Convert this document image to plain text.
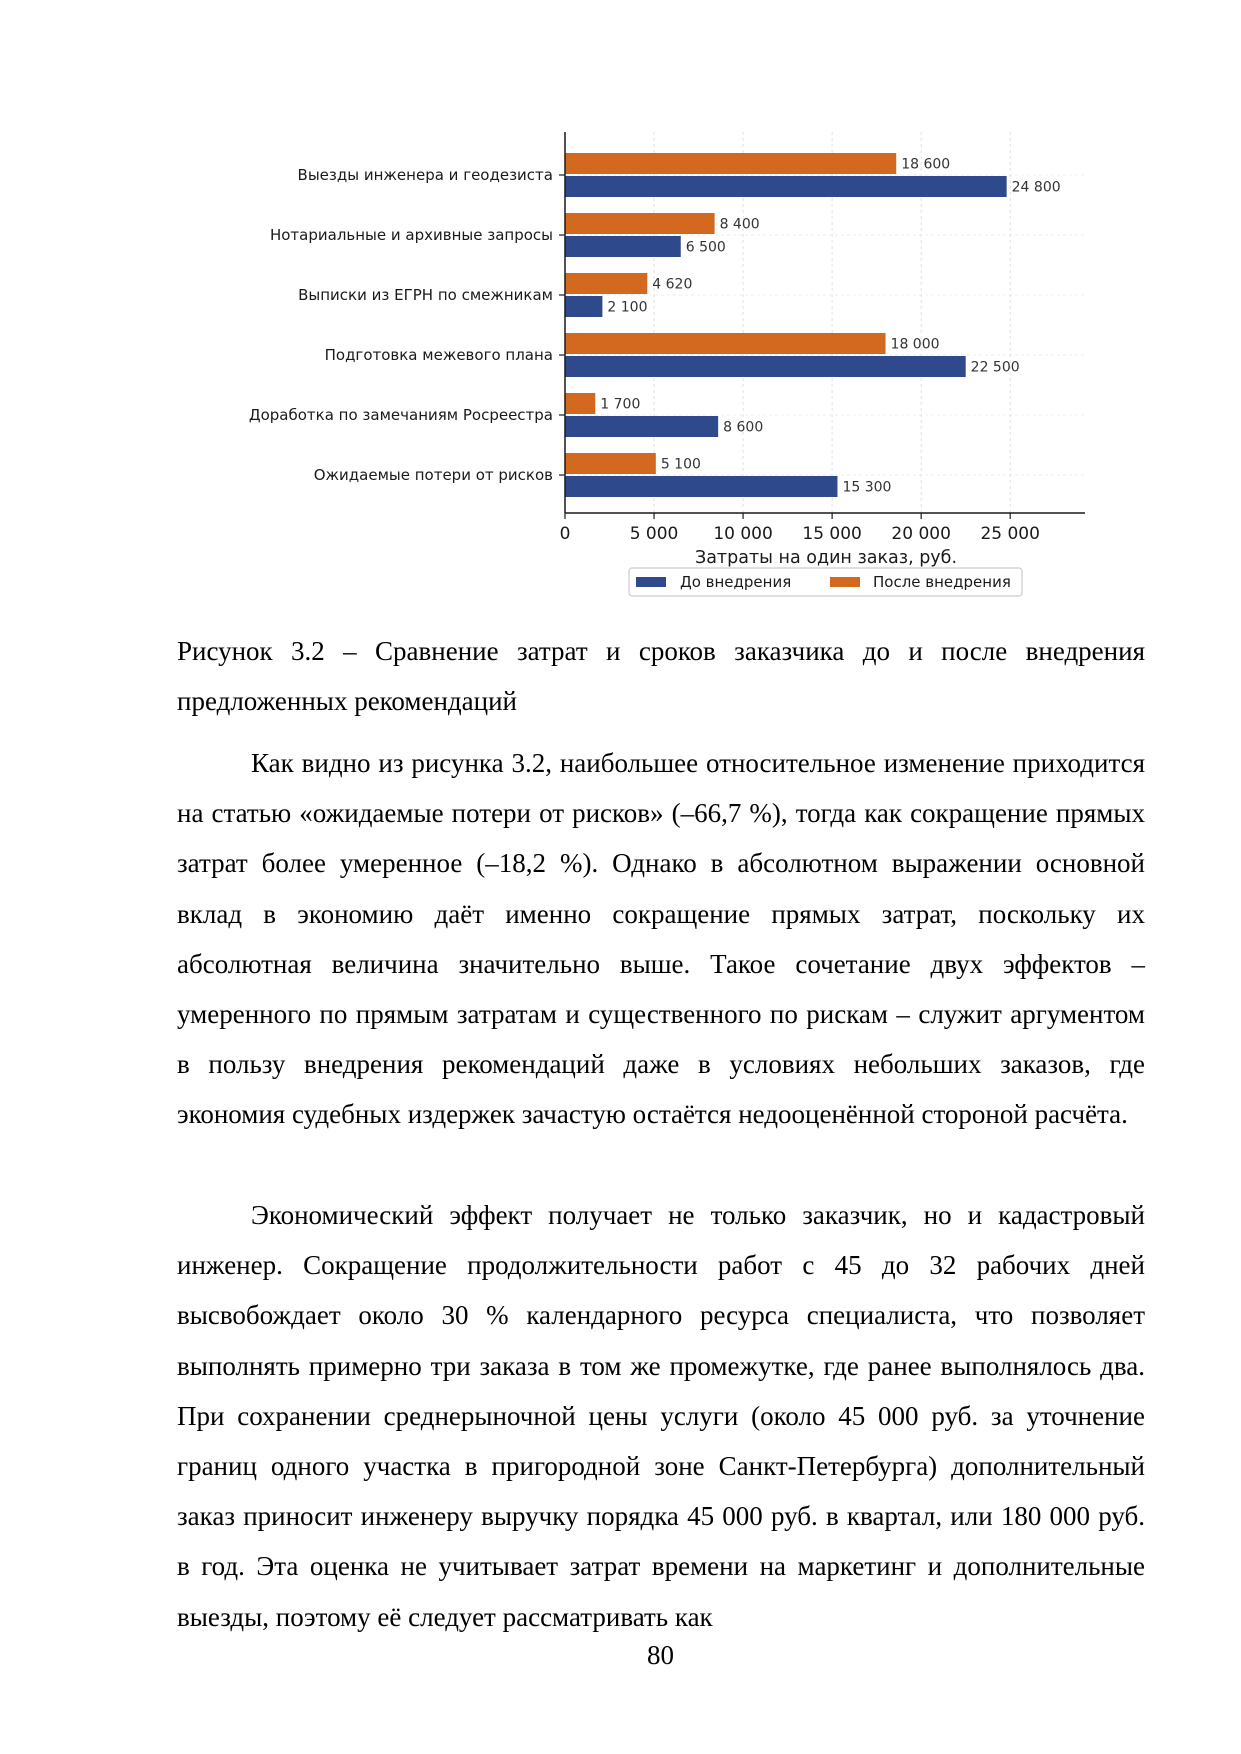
18 600
24 800
8 400
6 500
4 620
2 100
18 000
22 500
1 700
8 600
5 100
15 300
Выезды инженера и геодезиста
Нотариальные и архивные запросы
Выписки из ЕГРН по смежникам
Подготовка межевого плана
Доработка по замечаниям Росреестра
Ожидаемые потери от рисков
0	5 000 10 000 15 000 20 000 25 000
Затраты на один заказ, руб.
До внедрения	После внедрения

Рисунок 3.2 – Сравнение затрат и сроков заказчика до и после внедрения предложенных рекомендаций

Как видно из рисунка 3.2, наибольшее относительное изменение приходится на статью «ожидаемые потери от рисков» (–66,7 %), тогда как сокращение прямых затрат более умеренное (–18,2 %). Однако в абсолютном выражении основной вклад в экономию даёт именно сокращение прямых затрат, поскольку их абсолютная величина значительно выше. Такое сочетание двух эффектов – умеренного по прямым затратам и существенного по рискам – служит аргументом в пользу внедрения рекомендаций даже в условиях небольших заказов, где экономия судебных издержек зачастую остаётся недооценённой стороной расчёта.

Экономический эффект получает не только заказчик, но и кадастровый инженер. Сокращение продолжительности работ с 45 до 32 рабочих дней высвобождает около 30 % календарного ресурса специалиста, что позволяет выполнять примерно три заказа в том же промежутке, где ранее выполнялось два. При сохранении среднерыночной цены услуги (около 45 000 руб. за уточнение границ одного участка в пригородной зоне Санкт-Петербурга) дополнительный заказ приносит инженеру выручку порядка 45 000 руб. в квартал, или 180 000 руб. в год. Эта оценка не учитывает затрат времени на маркетинг и дополнительные выезды, поэтому её следует рассматривать как

80
